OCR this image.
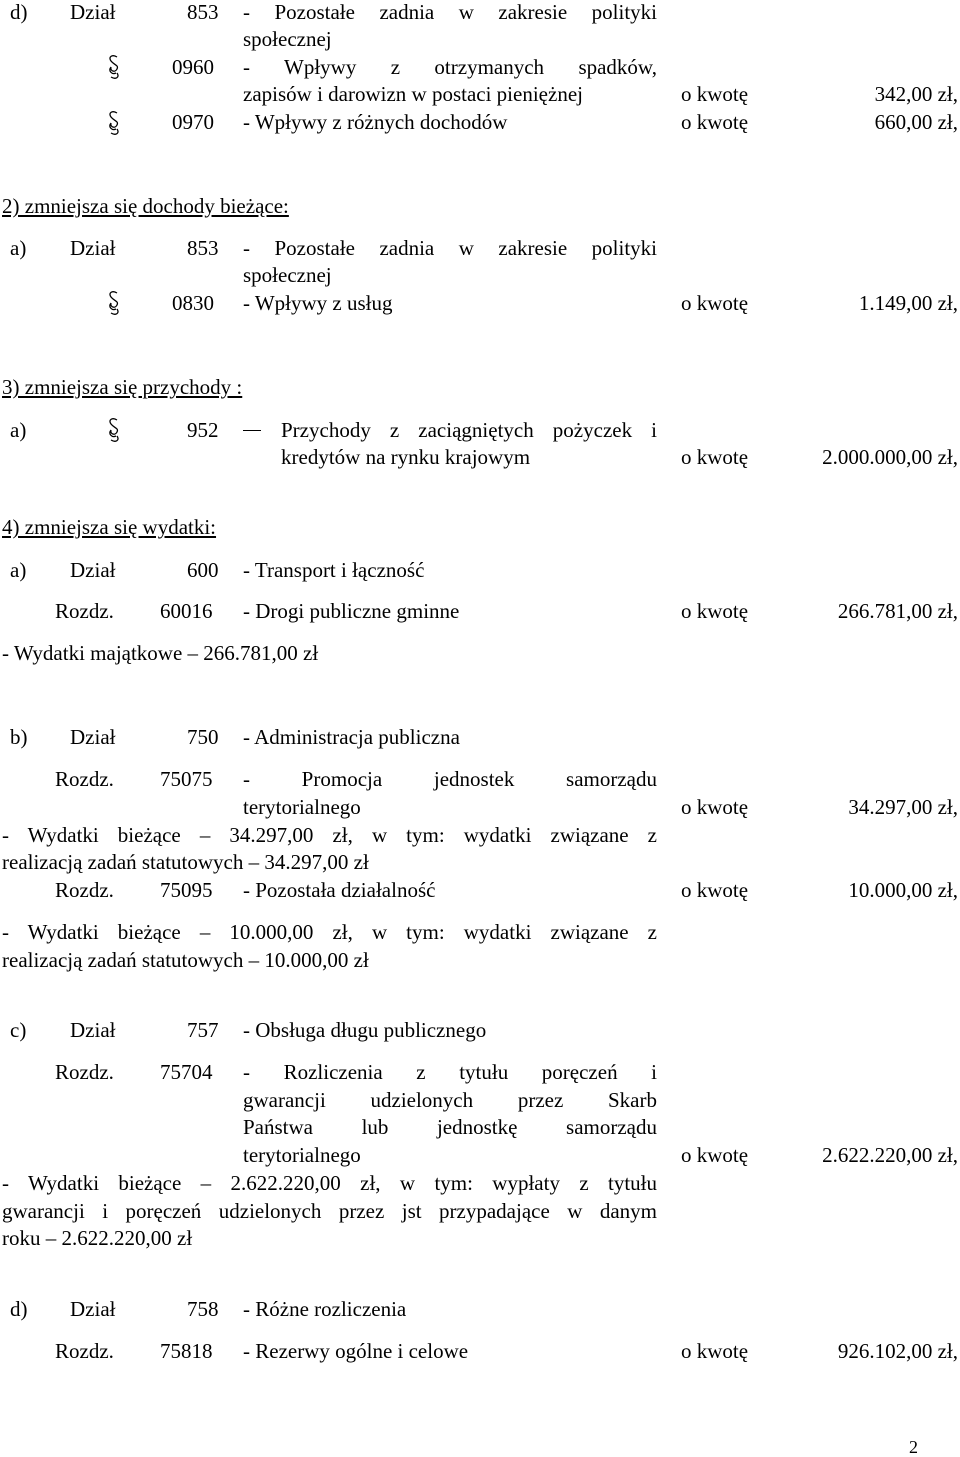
d) Dział	853 - Pozostałe zadnia w zakresie polityki
społecznej
0960 - Wpływy z otrzymanych spadków,
zapisów i darowizn w postaci pieniężnej	o kwotę	342,00 zł,
0970 - Wpływy z różnych dochodów	o kwotę	660,00 zł,
2) zmniejsza się dochody bieżące:
a) Dział	853 - Pozostałe zadnia w zakresie polityki
społecznej
0830 - Wpływy z usług	o kwotę	1.149,00 zł,
3) zmniejsza się przychody :
a)	952	Przychody z zaciągniętych pożyczek i
kredytów na rynku krajowym	o kwotę	2.000.000,00 zł,
4) zmniejsza się wydatki:
a) Dział	600 - Transport i łączność
Rozdz. 60016 - Drogi publiczne gminne	o kwotę	266.781,00 zł,
- Wydatki majątkowe – 266.781,00 zł
b) Dział	750 - Administracja publiczna
Rozdz. 75075 - Promocja jednostek samorządu
terytorialnego	o kwotę	34.297,00 zł,
- Wydatki bieżące – 34.297,00 zł, w tym: wydatki związane z
realizacją zadań statutowych – 34.297,00 zł
Rozdz. 75095 - Pozostała działalność	o kwotę	10.000,00 zł,
- Wydatki bieżące – 10.000,00 zł, w tym: wydatki związane z
realizacją zadań statutowych – 10.000,00 zł
c) Dział	757 - Obsługa długu publicznego
Rozdz. 75704 - Rozliczenia z tytułu poręczeń i
gwarancji udzielonych przez Skarb
Państwa lub jednostkę samorządu
terytorialnego	o kwotę	2.622.220,00 zł,
- Wydatki bieżące – 2.622.220,00 zł, w tym: wypłaty z tytułu
gwarancji i poręczeń udzielonych przez jst przypadające w danym
roku – 2.622.220,00 zł
d) Dział	758 - Różne rozliczenia
Rozdz. 75818 - Rezerwy ogólne i celowe	o kwotę	926.102,00 zł,
2
